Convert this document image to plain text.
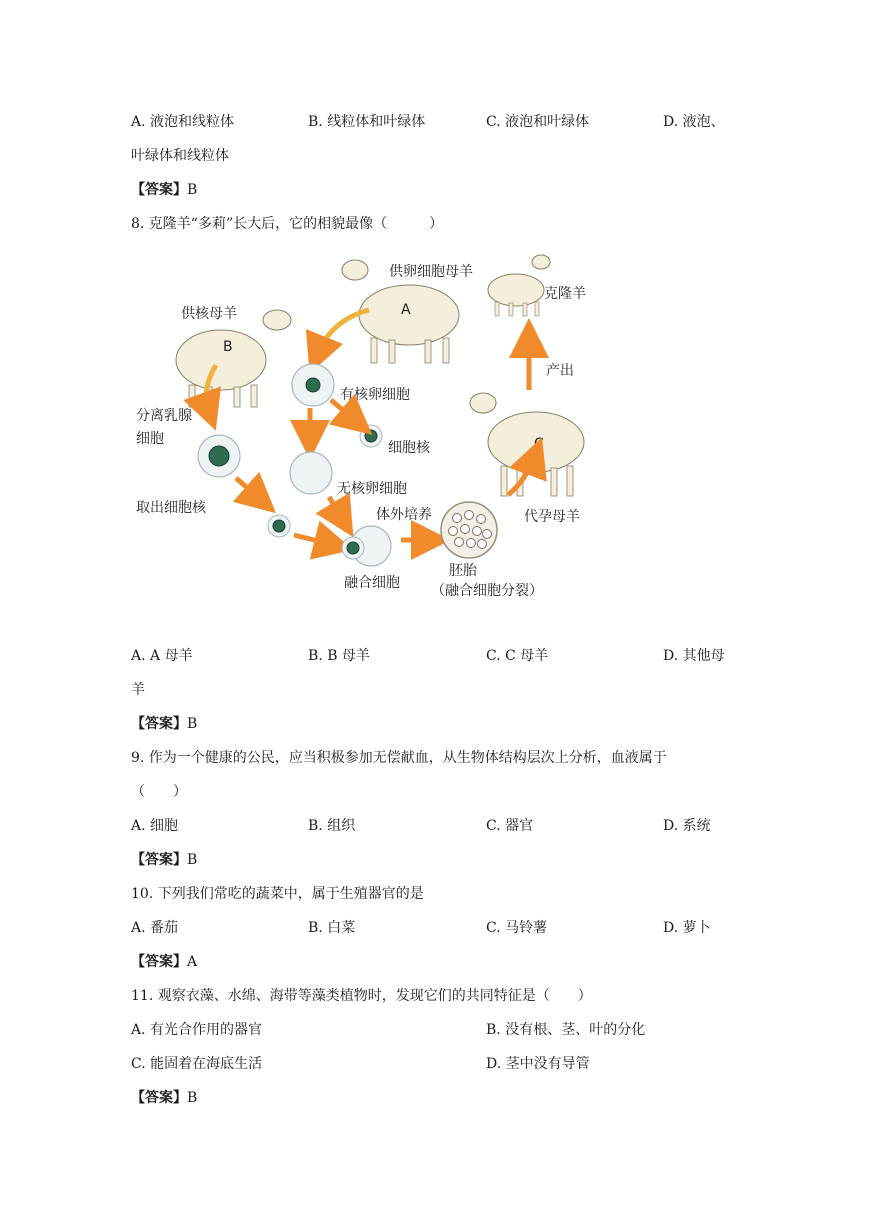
A. 液泡和线粒体	B. 线粒体和叶绿体	C. 液泡和叶绿体	D. 液泡、
叶绿体和线粒体
【答案】B
8. 克隆羊“多莉”长大后，它的相貌最像（　　　）
A
供卵细胞母羊
B
供核母羊
克隆羊
产出
C
代孕母羊
有核卵细胞
细胞核
无核卵细胞
分离乳腺
细胞
取出细胞核
融合细胞
体外培养
胚胎
（融合细胞分裂）
A. A 母羊	B. B 母羊	C. C 母羊	D. 其他母
羊
【答案】B
9. 作为一个健康的公民，应当积极参加无偿献血，从生物体结构层次上分析，血液属于
（　　）
A. 细胞	B. 组织	C. 器官	D. 系统
【答案】B
10. 下列我们常吃的蔬菜中，属于生殖器官的是
A. 番茄	B. 白菜	C. 马铃薯	D. 萝卜
【答案】A
11. 观察衣藻、水绵、海带等藻类植物时，发现它们的共同特征是（　　）
A. 有光合作用的器官	B. 没有根、茎、叶的分化
C. 能固着在海底生活	D. 茎中没有导管
【答案】B
